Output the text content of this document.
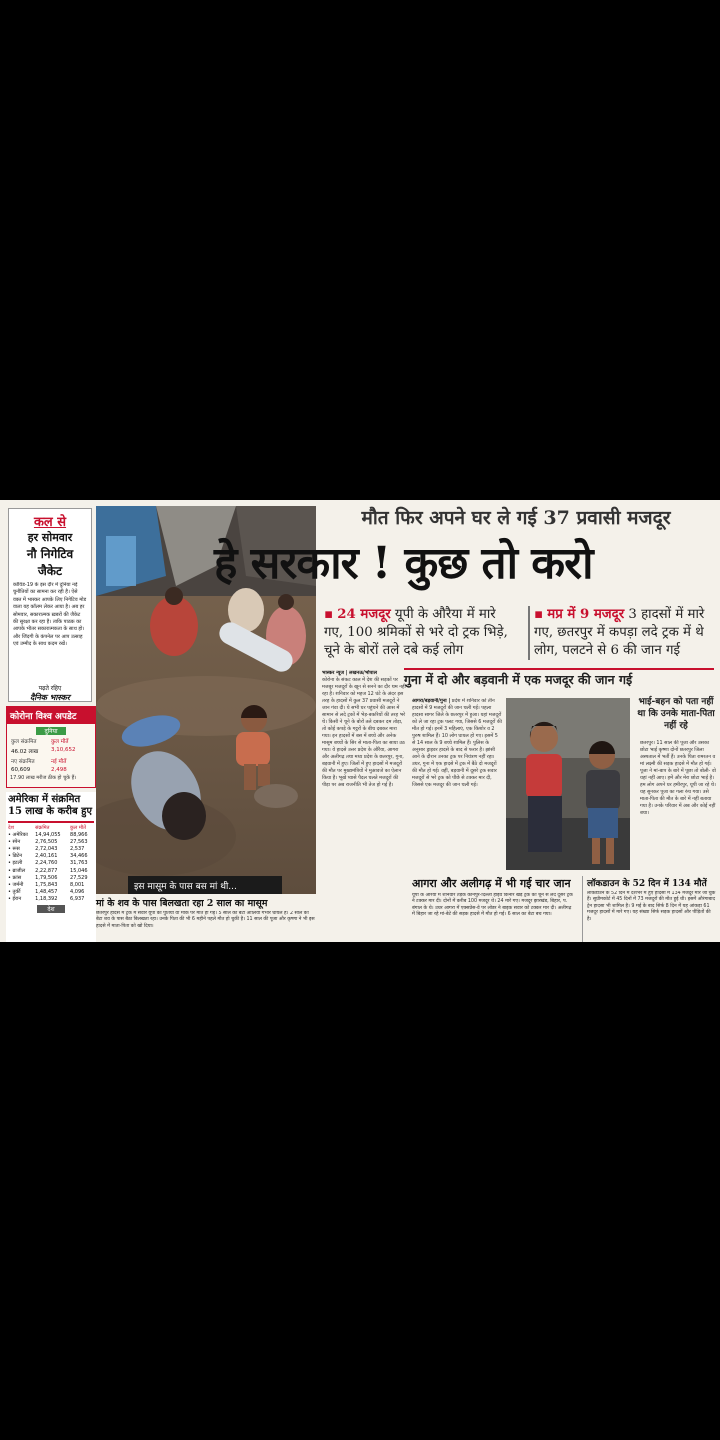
कल से
हर सोमवार
नौ निगेटिव जैकेट
कोविड-19 के इस दौर में दुनिया नई चुनौतियों का सामना कर रही है। ऐसे वक्त में भास्कर आपके लिए निगेटिव मोड वाला यह कॉलम लेकर आया है। अब हर सोमवार, सकारात्मक ख़बरों की जैकेट की सुरक्षा कर रहा है। ताकि पाठक का आपके भीतर सकारात्मकता के साथ हो। और जिंदगी के कंपनेल पर आप उत्साह एवं उम्मीद के साथ कदम रखें।
पढ़ते रहिए
दैनिक भास्कर
कोरोना विश्व अपडेट
दुनिया
कुल संक्रमित	कुल मौतें
46.02 लाख	3,10,652
नए संक्रमित	नई मौतें
60,609	2,498
17.90 लाख मरीज ठीक हो चुके हैं।
अमेरिका में संक्रमित 15 लाख के करीब हुए
देश	संक्रमित	कुल मौतें
• अमेरिका	14,94,055	88,966
• स्पेन	2,76,505	27,563
• रूस	2,72,043	2,537
• ब्रिटेन	2,40,161	34,466
• इटली	2,24,760	31,763
• ब्राजील	2,22,877	15,046
• फ्रांस	1,79,506	27,529
• जर्मनी	1,75,843	8,001
• तुर्की	1,48,457	4,096
• ईरान	1,18,392	6,937
देश
इस मासूम के पास बस मां थी...
मां के शव के पास बिलखता रहा 2 साल का मासूम
छतरपुर हादसे में ट्रक में सवार यूपी की पुतिया वा मौके पर मौत हो गई। 5 साल की बेटी आलिया गंभीर घायल है। 2 साल का बेटा शव के पास बैठा बिलखता रहा। उनके पिता की भी 6 महीने पहले मौत हो चुकी है। 11 साल की पूजा और कृष्णा ने भी इस हादसे में माता-पिता को खो दिया।
मौत फिर अपने घर ले गई 37 प्रवासी मजदूर
हे सरकार ! कुछ तो करो
▪ 24 मजदूर यूपी के औरैया में मारे गए, 100 श्रमिकों से भरे दो ट्रक भिड़े, चूने के बोरों तले दबे कई लोग
▪ मप्र में 9 मजदूर 3 हादसों में मारे गए, छतरपुर में कपड़ा लदे ट्रक में थे लोग, पलटने से 6 की जान गई
गुना में दो और बड़वानी में एक मजदूर की जान गई
भास्कर न्यूज | लखनऊ/भोपाल
कोरोना के संकट काल में देश की सड़कों पर मजबूर मजदूरों के खून से सनने का दौर थम नहीं रहा है। शनिवार को महज 12 घंटे के अंदर इस तरह के हादसों में कुल 37 प्रवासी मजदूरों ने जान गंवा दी। ये सभी घर पहुंचने की आस में सामान से लदे ट्रकों में भेड़-बकरियों की तरह भरे थे। किसी ने चूने के बोरों तले दबकर दम तोड़ा, तो कोई कपड़े के गट्ठरों के बीच दबकर मारा गया। इन हादसों में बस में बच्चे और अनेक मासूम बच्चों के सिर से माता-पिता का साया उठ गया। ये हादसे उत्तर प्रदेश के औरैया, आगरा और अलीगढ़ तथा मध्य प्रदेश के छतरपुर, गुना, बड़वानी में हुए। जिलों में हुए हादसों में मजदूरों की मौत पर मुख्यमंत्रियों ने मुआवजे का ऐलान किया है। भूखे प्यासे पैदल चलते मजदूरों की पीड़ा पर अब राजनीति भी तेज हो गई है।
आगरा/बड़वानी/गुना | प्रदेश में शनिवार को तीन हादसों में 9 मजदूरों की जान चली गई। पहला हादसा सागर जिले के छतरपुर में हुआ। यहां मजदूरों को ले जा रहा ट्रक पलट गया, जिससे 6 मजदूरों की मौत हो गई। इनमें 3 महिलाएं, एक किशोर व 2 पुरुष शामिल हैं। 10 लोग घायल हो गए। इसमें 5 से 14 साल के 9 बच्चे शामिल हैं। पुलिस के अनुसार ड्राइवर हादसे के बाद से फरार है। झांसी आने के दौरान उनका ट्रक पर नियंत्रण नहीं रहा। उधर, गुना में एक हादसे में ट्रक में बैठे दो मजदूरों की मौत हो गई। वहीं, बड़वानी में दूसरे ट्रक सवार मजदूरों से भरे ट्रक को पीछे से टक्कर मार दी, जिससे एक मजदूर की जान चली गई।
भाई-बहन को पता नहीं था कि उनके माता-पिता नहीं रहे
छतरपुर। 11 साल की पूजा और उसका छोटा भाई कृष्णा दोनों छतरपुर जिला अस्पताल में भर्ती हैं। उनके पिता रामरतन व मां लक्ष्मी की सड़क हादसे में मौत हो गई। पूजा ने मां-बाप के बारे में पूछा तो बोली- वो यहां नहीं आए। हमें और मेरा छोटा भाई है। हम लोग अपने घर हमीरपुर, यूपी जा रहे थे। यह सुनकर पूजा का गला रुंध गया। उसे माता-पिता की मौत के बारे में नहीं बताया गया है। उनके परिवार में अब और कोई नहीं बचा।
आगरा और अलीगढ़ में भी गई चार जान
यूपी के औरैया में शनिवार तड़के कानपुर-दिल्ली हाईवे किनारे खड़े ट्रक को चूने से लदे दूसरे ट्रक ने टक्कर मार दी। दोनों में करीब 100 मजदूर थे। 24 मारे गए। मजदूर झारखंड, बिहार, प. बंगाल के थे। उधर आगरा में एक्सप्रेस-वे पर लोडर ने बाइक सवार को टक्कर मार दी। अलीगढ़ में बिहार जा रहे मां-बेटे की सड़क हादसे में मौत हो गई। 6 साल का बेटा बच गया।
लॉकडाउन के 52 दिन में 134 मौतें
लॉकडाउन के 52 दिन में देशभर में हुए हादसों में 134 मजदूर मारे जा चुके हैं। सुप्रीमकोर्ट में 45 दिनों में 73 मजदूरों की मौत हुई थी। इसमें औरंगाबाद ट्रेन हादसा भी शामिल है। 9 मई के बाद सिर्फ 8 दिन में यह आंकड़ा 61 मजदूर हादसों में मारे गए। यह संख्या सिर्फ सड़क हादसों और पीड़ितों की है।
